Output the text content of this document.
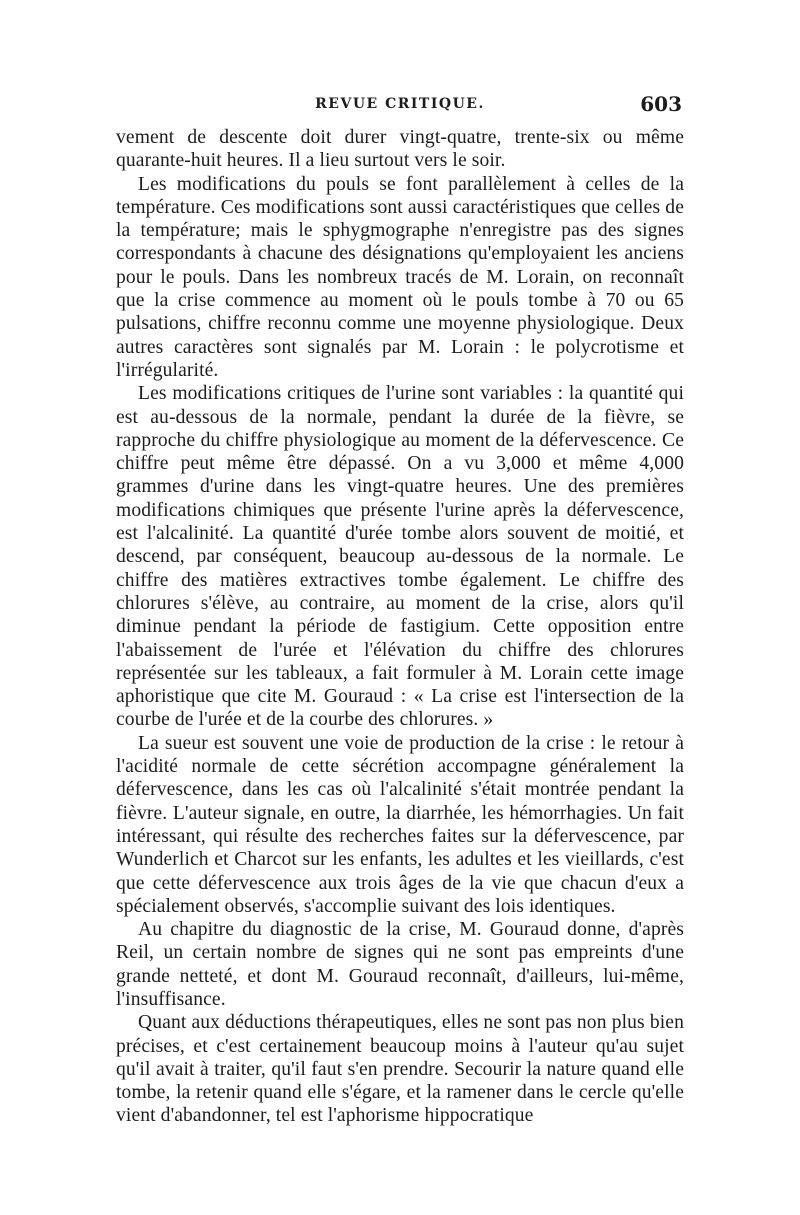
REVUE CRITIQUE.	603

vement de descente doit durer vingt-quatre, trente-six ou même quarante-huit heures. Il a lieu surtout vers le soir.

Les modifications du pouls se font parallèlement à celles de la température. Ces modifications sont aussi caractéristiques que celles de la température; mais le sphygmographe n'enregistre pas des signes correspondants à chacune des désignations qu'employaient les anciens pour le pouls. Dans les nombreux tracés de M. Lorain, on reconnaît que la crise commence au moment où le pouls tombe à 70 ou 65 pulsations, chiffre reconnu comme une moyenne physiologique. Deux autres caractères sont signalés par M. Lorain : le polycrotisme et l'irrégularité.

Les modifications critiques de l'urine sont variables : la quantité qui est au-dessous de la normale, pendant la durée de la fièvre, se rapproche du chiffre physiologique au moment de la défervescence. Ce chiffre peut même être dépassé. On a vu 3,000 et même 4,000 grammes d'urine dans les vingt-quatre heures. Une des premières modifications chimiques que présente l'urine après la défervescence, est l'alcalinité. La quantité d'urée tombe alors souvent de moitié, et descend, par conséquent, beaucoup au-dessous de la normale. Le chiffre des matières extractives tombe également. Le chiffre des chlorures s'élève, au contraire, au moment de la crise, alors qu'il diminue pendant la période de fastigium. Cette opposition entre l'abaissement de l'urée et l'élévation du chiffre des chlorures représentée sur les tableaux, a fait formuler à M. Lorain cette image aphoristique que cite M. Gouraud : « La crise est l'intersection de la courbe de l'urée et de la courbe des chlorures. »

La sueur est souvent une voie de production de la crise : le retour à l'acidité normale de cette sécrétion accompagne généralement la défervescence, dans les cas où l'alcalinité s'était montrée pendant la fièvre. L'auteur signale, en outre, la diarrhée, les hémorrhagies. Un fait intéressant, qui résulte des recherches faites sur la défervescence, par Wunderlich et Charcot sur les enfants, les adultes et les vieillards, c'est que cette défervescence aux trois âges de la vie que chacun d'eux a spécialement observés, s'accomplie suivant des lois identiques.

Au chapitre du diagnostic de la crise, M. Gouraud donne, d'après Reil, un certain nombre de signes qui ne sont pas empreints d'une grande netteté, et dont M. Gouraud reconnaît, d'ailleurs, lui-même, l'insuffisance.

Quant aux déductions thérapeutiques, elles ne sont pas non plus bien précises, et c'est certainement beaucoup moins à l'auteur qu'au sujet qu'il avait à traiter, qu'il faut s'en prendre. Secourir la nature quand elle tombe, la retenir quand elle s'égare, et la ramener dans le cercle qu'elle vient d'abandonner, tel est l'aphorisme hippocratique
